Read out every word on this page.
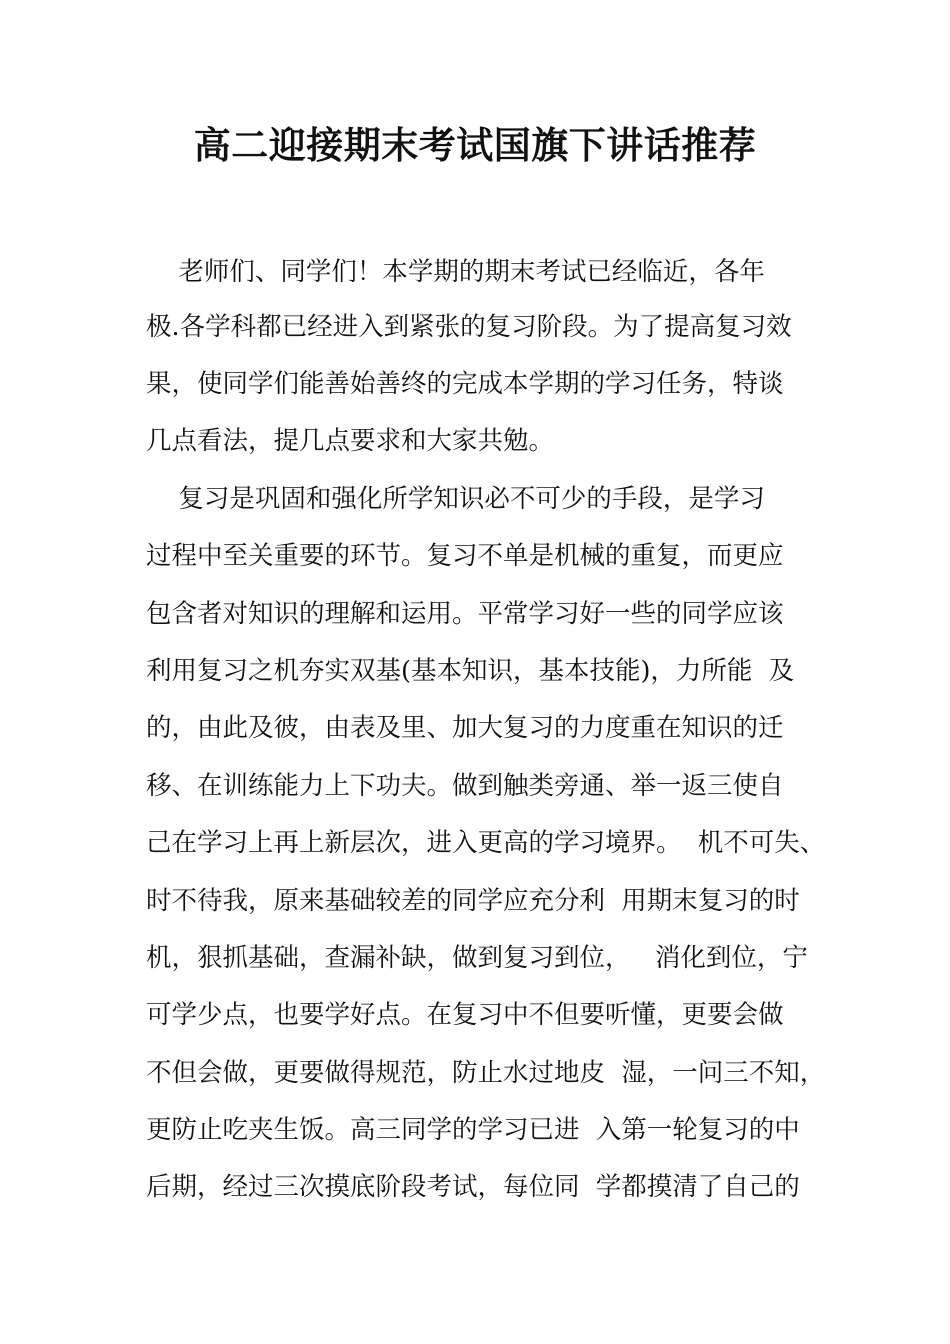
高二迎接期末考试国旗下讲话推荐
老师们、同学们！本学期的期末考试已经临近，各年
极.各学科都已经进入到紧张的复习阶段。为了提高复习效
果，使同学们能善始善终的完成本学期的学习任务，特谈
几点看法，提几点要求和大家共勉。
复习是巩固和强化所学知识必不可少的手段，是学习
过程中至关重要的环节。复习不单是机械的重复，而更应
包含者对知识的理解和运用。平常学习好一些的同学应该
利用复习之机夯实双基(基本知识，基本技能)，力所能  及
的，由此及彼，由表及里、加大复习的力度重在知识的迁
移、在训练能力上下功夫。做到触类旁通、举一返三使自
己在学习上再上新层次，进入更高的学习境界。  机不可失、
时不待我，原来基础较差的同学应充分利  用期末复习的时
机，狠抓基础，查漏补缺，做到复习到位，   消化到位，宁
可学少点，也要学好点。在复习中不但要听懂，更要会做
不但会做，更要做得规范，防止水过地皮  湿，一问三不知，
更防止吃夹生饭。高三同学的学习已进  入第一轮复习的中
后期，经过三次摸底阶段考试，每位同  学都摸清了自己的
